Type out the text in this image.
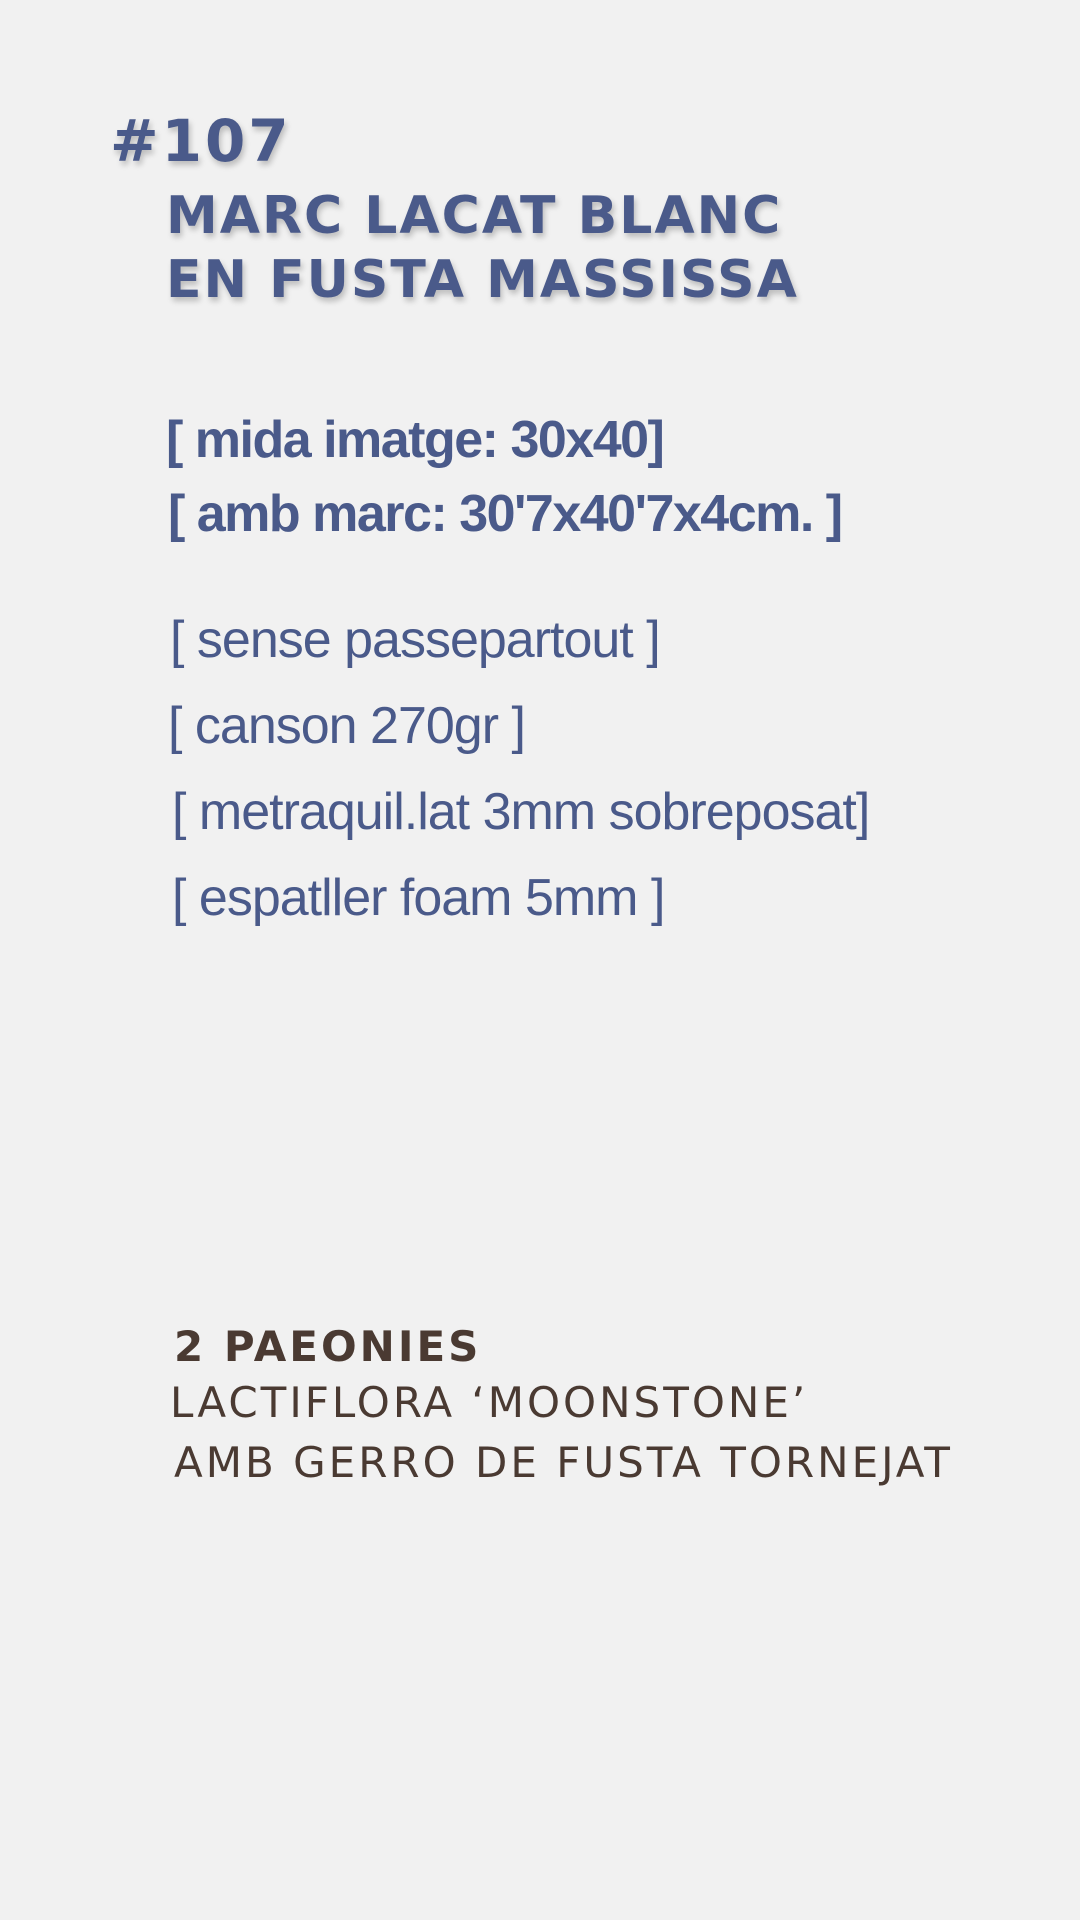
#107
MARC LACAT BLANC
EN FUSTA MASSISSA
[ mida imatge: 30x40]
[ amb marc: 30'7x40'7x4cm. ]
[ sense passepartout ]
[ canson 270gr ]
[ metraquil.lat 3mm sobreposat]
[ espatller foam 5mm ]
2 PAEONIES
LACTIFLORA ‘MOONSTONE’
AMB GERRO DE FUSTA TORNEJAT
